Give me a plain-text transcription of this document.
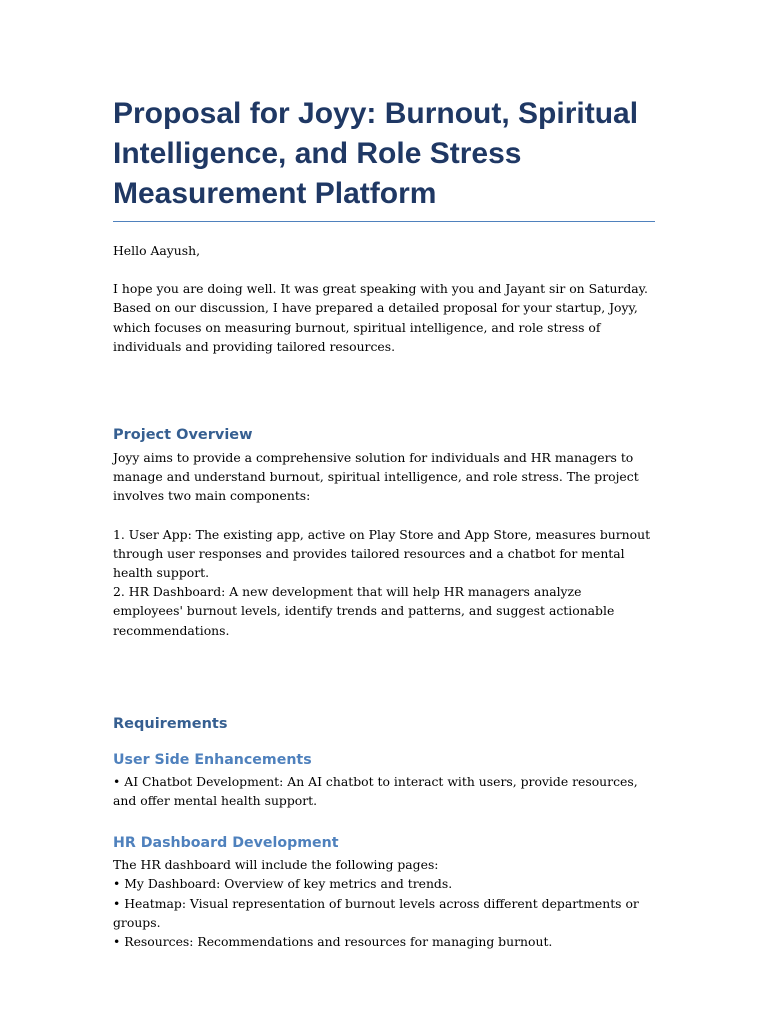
Proposal for Joyy: Burnout, Spiritual Intelligence, and Role Stress Measurement Platform

Hello Aayush,

I hope you are doing well. It was great speaking with you and Jayant sir on Saturday. Based on our discussion, I have prepared a detailed proposal for your startup, Joyy, which focuses on measuring burnout, spiritual intelligence, and role stress of individuals and providing tailored resources.

Project Overview

Joyy aims to provide a comprehensive solution for individuals and HR managers to manage and understand burnout, spiritual intelligence, and role stress. The project involves two main components:

1. User App: The existing app, active on Play Store and App Store, measures burnout through user responses and provides tailored resources and a chatbot for mental health support.

2. HR Dashboard: A new development that will help HR managers analyze employees' burnout levels, identify trends and patterns, and suggest actionable recommendations.

Requirements
User Side Enhancements

• AI Chatbot Development: An AI chatbot to interact with users, provide resources, and offer mental health support.

HR Dashboard Development

The HR dashboard will include the following pages:

• My Dashboard: Overview of key metrics and trends.

• Heatmap: Visual representation of burnout levels across different departments or groups.

• Resources: Recommendations and resources for managing burnout.
